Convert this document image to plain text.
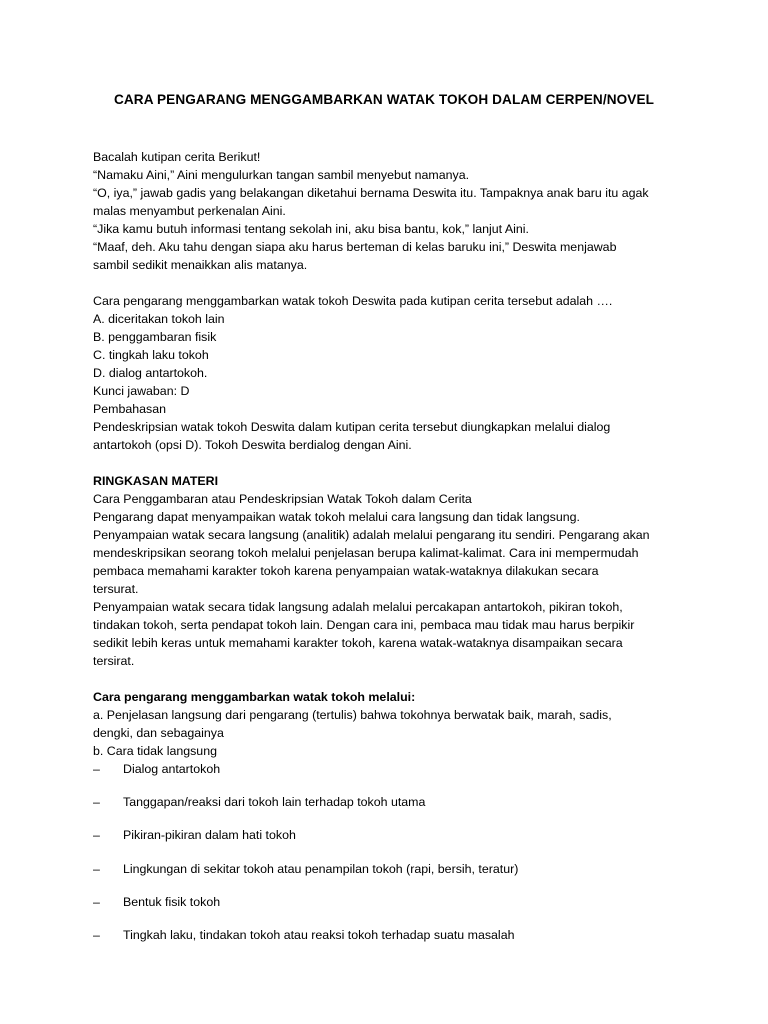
CARA PENGARANG MENGGAMBARKAN WATAK TOKOH DALAM CERPEN/NOVEL

Bacalah kutipan cerita Berikut!

“Namaku Aini,” Aini mengulurkan tangan sambil menyebut namanya.

“O, iya,” jawab gadis yang belakangan diketahui bernama Deswita itu. Tampaknya anak baru itu agak

malas menyambut perkenalan Aini.

“Jika kamu butuh informasi tentang sekolah ini, aku bisa bantu, kok,” lanjut Aini.

“Maaf, deh. Aku tahu dengan siapa aku harus berteman di kelas baruku ini,” Deswita menjawab

sambil sedikit menaikkan alis matanya.

Cara pengarang menggambarkan watak tokoh Deswita pada kutipan cerita tersebut adalah ….

A. diceritakan tokoh lain

B. penggambaran fisik

C. tingkah laku tokoh

D. dialog antartokoh.

Kunci jawaban: D

Pembahasan

Pendeskripsian watak tokoh Deswita dalam kutipan cerita tersebut diungkapkan melalui dialog

antartokoh (opsi D). Tokoh Deswita berdialog dengan Aini.

RINGKASAN MATERI

Cara Penggambaran atau Pendeskripsian Watak Tokoh dalam Cerita

Pengarang dapat menyampaikan watak tokoh melalui cara langsung dan tidak langsung.

Penyampaian watak secara langsung (analitik) adalah melalui pengarang itu sendiri. Pengarang akan

mendeskripsikan seorang tokoh melalui penjelasan berupa kalimat-kalimat. Cara ini mempermudah

pembaca memahami karakter tokoh karena penyampaian watak-wataknya dilakukan secara

tersurat.

Penyampaian watak secara tidak langsung adalah melalui percakapan antartokoh, pikiran tokoh,

tindakan tokoh, serta pendapat tokoh lain. Dengan cara ini, pembaca mau tidak mau harus berpikir

sedikit lebih keras untuk memahami karakter tokoh, karena watak-wataknya disampaikan secara

tersirat.

Cara pengarang menggambarkan watak tokoh melalui:

a. Penjelasan langsung dari pengarang (tertulis) bahwa tokohnya berwatak baik, marah, sadis,

dengki, dan sebagainya

b. Cara tidak langsung

– Dialog antartokoh
– Tanggapan/reaksi dari tokoh lain terhadap tokoh utama
– Pikiran-pikiran dalam hati tokoh
– Lingkungan di sekitar tokoh atau penampilan tokoh (rapi, bersih, teratur)
– Bentuk fisik tokoh
– Tingkah laku, tindakan tokoh atau reaksi tokoh terhadap suatu masalah
